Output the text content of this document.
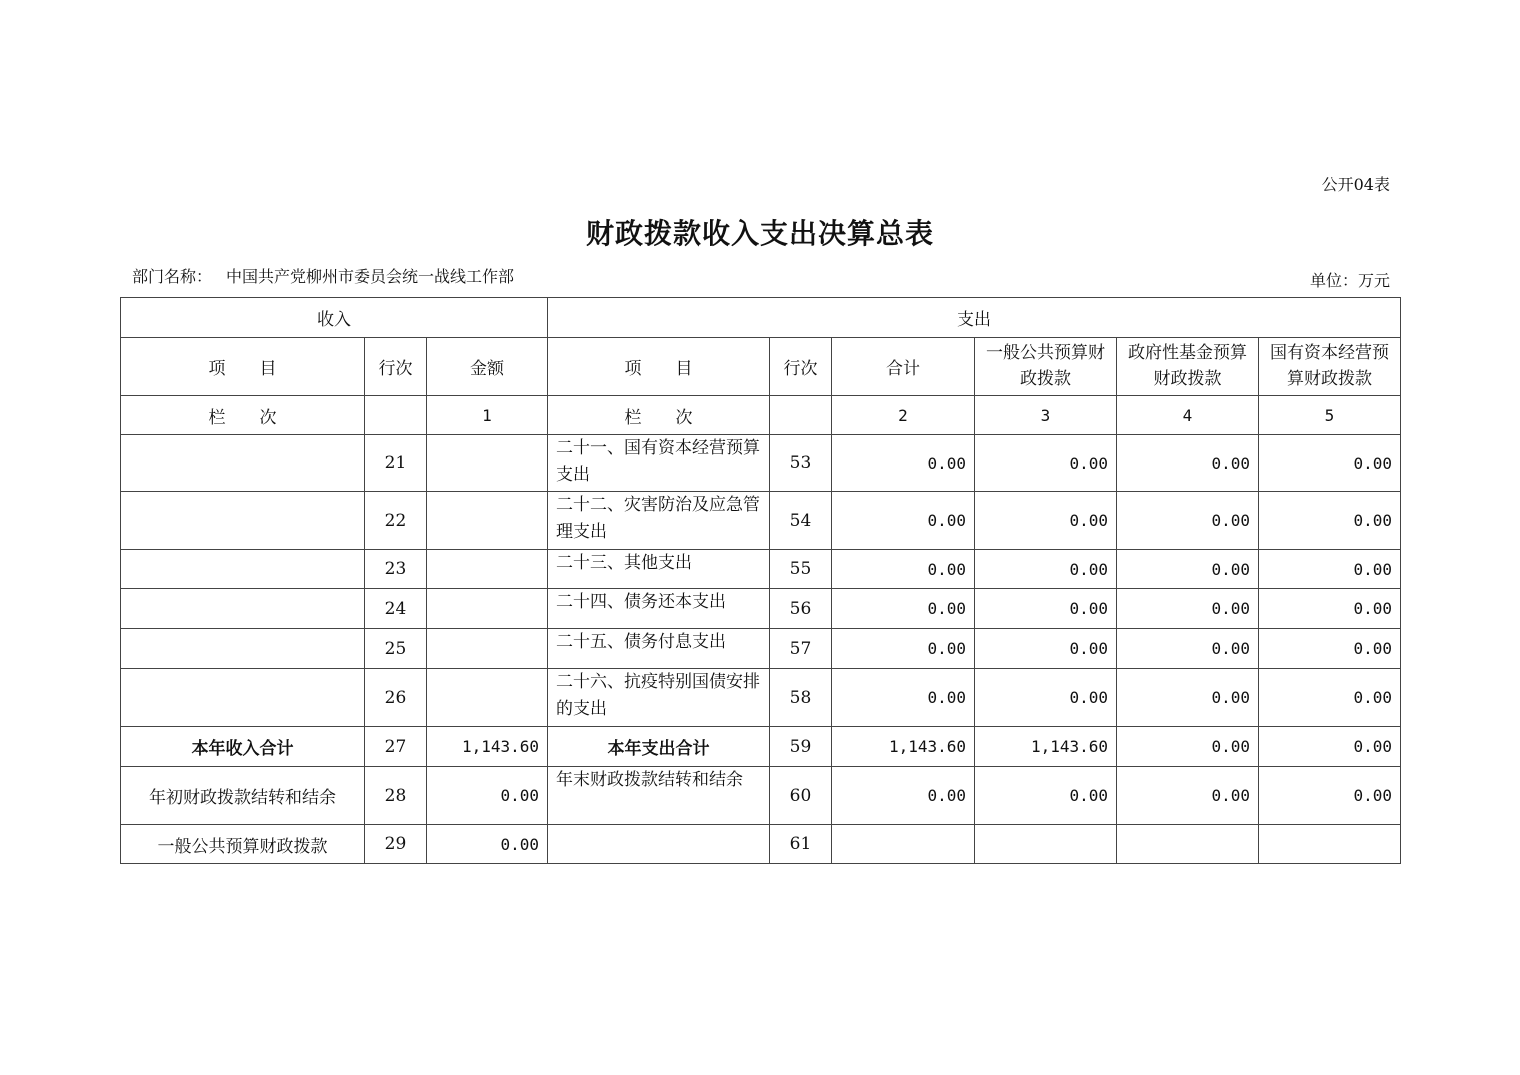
公开04表
财政拨款收入支出决算总表
部门名称： 中国共产党柳州市委员会统一战线工作部	单位：万元
收入			支出					
项　　目	行次	金额	项　　目	行次	合计	一般公共预算财政拨款	政府性基金预算财政拨款	国有资本经营预算财政拨款
栏　　次		1	栏　　次		2	3	4	5
	21		二十一、国有资本经营预算支出	53	0.00	0.00	0.00	0.00
	22		二十二、灾害防治及应急管理支出	54	0.00	0.00	0.00	0.00
	23		二十三、其他支出	55	0.00	0.00	0.00	0.00
	24		二十四、债务还本支出	56	0.00	0.00	0.00	0.00
	25		二十五、债务付息支出	57	0.00	0.00	0.00	0.00
	26		二十六、抗疫特别国债安排的支出	58	0.00	0.00	0.00	0.00
本年收入合计	27	1,143.60	本年支出合计	59	1,143.60	1,143.60	0.00	0.00
年初财政拨款结转和结余	28	0.00	年末财政拨款结转和结余	60	0.00	0.00	0.00	0.00
一般公共预算财政拨款	29	0.00		61				
